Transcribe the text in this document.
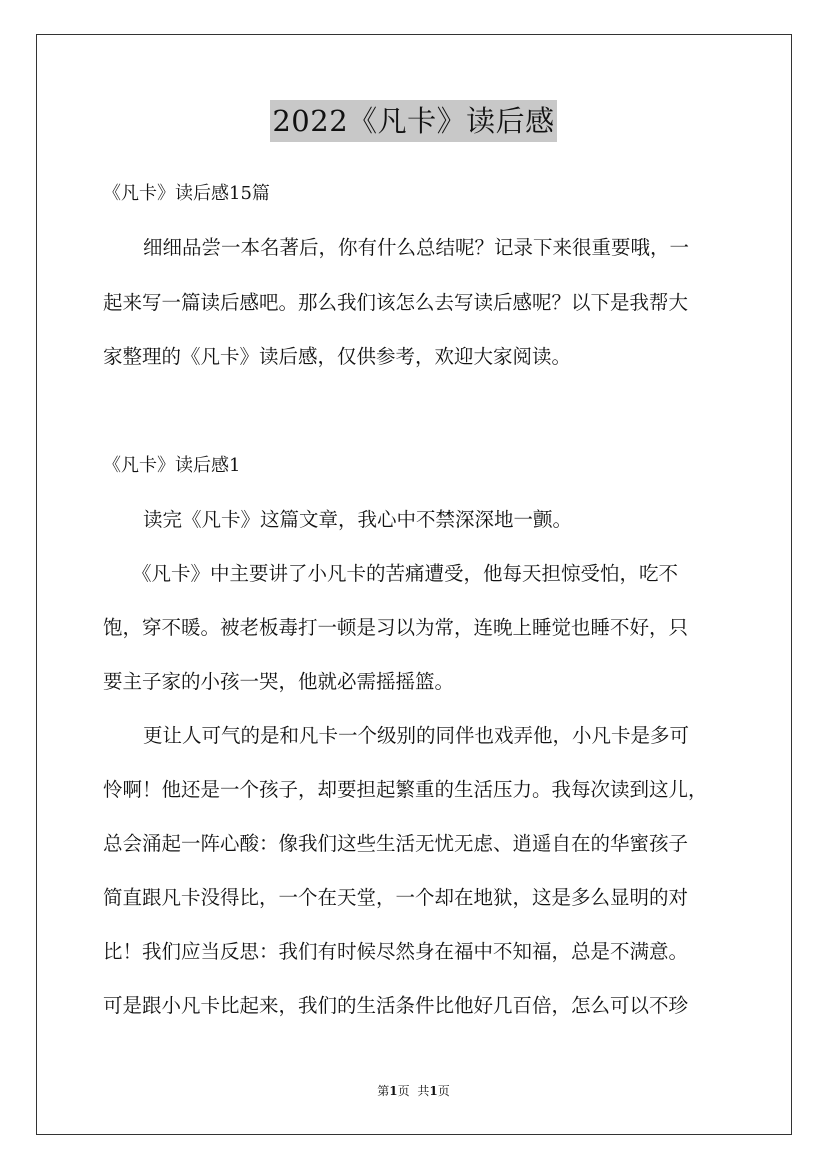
2022《凡卡》读后感
《凡卡》读后感15篇
细细品尝一本名著后，你有什么总结呢？记录下来很重要哦，一
起来写一篇读后感吧。那么我们该怎么去写读后感呢？以下是我帮大
家整理的《凡卡》读后感，仅供参考，欢迎大家阅读。
《凡卡》读后感1
读完《凡卡》这篇文章，我心中不禁深深地一颤。
《凡卡》中主要讲了小凡卡的苦痛遭受，他每天担惊受怕，吃不
饱，穿不暖。被老板毒打一顿是习以为常，连晚上睡觉也睡不好，只
要主子家的小孩一哭，他就必需摇摇篮。
更让人可气的是和凡卡一个级别的同伴也戏弄他，小凡卡是多可
怜啊！他还是一个孩子，却要担起繁重的生活压力。我每次读到这儿，
总会涌起一阵心酸：像我们这些生活无忧无虑、逍遥自在的华蜜孩子
简直跟凡卡没得比，一个在天堂，一个却在地狱，这是多么显明的对
比！我们应当反思：我们有时候尽然身在福中不知福，总是不满意。
可是跟小凡卡比起来，我们的生活条件比他好几百倍，怎么可以不珍
第1页 共1页
